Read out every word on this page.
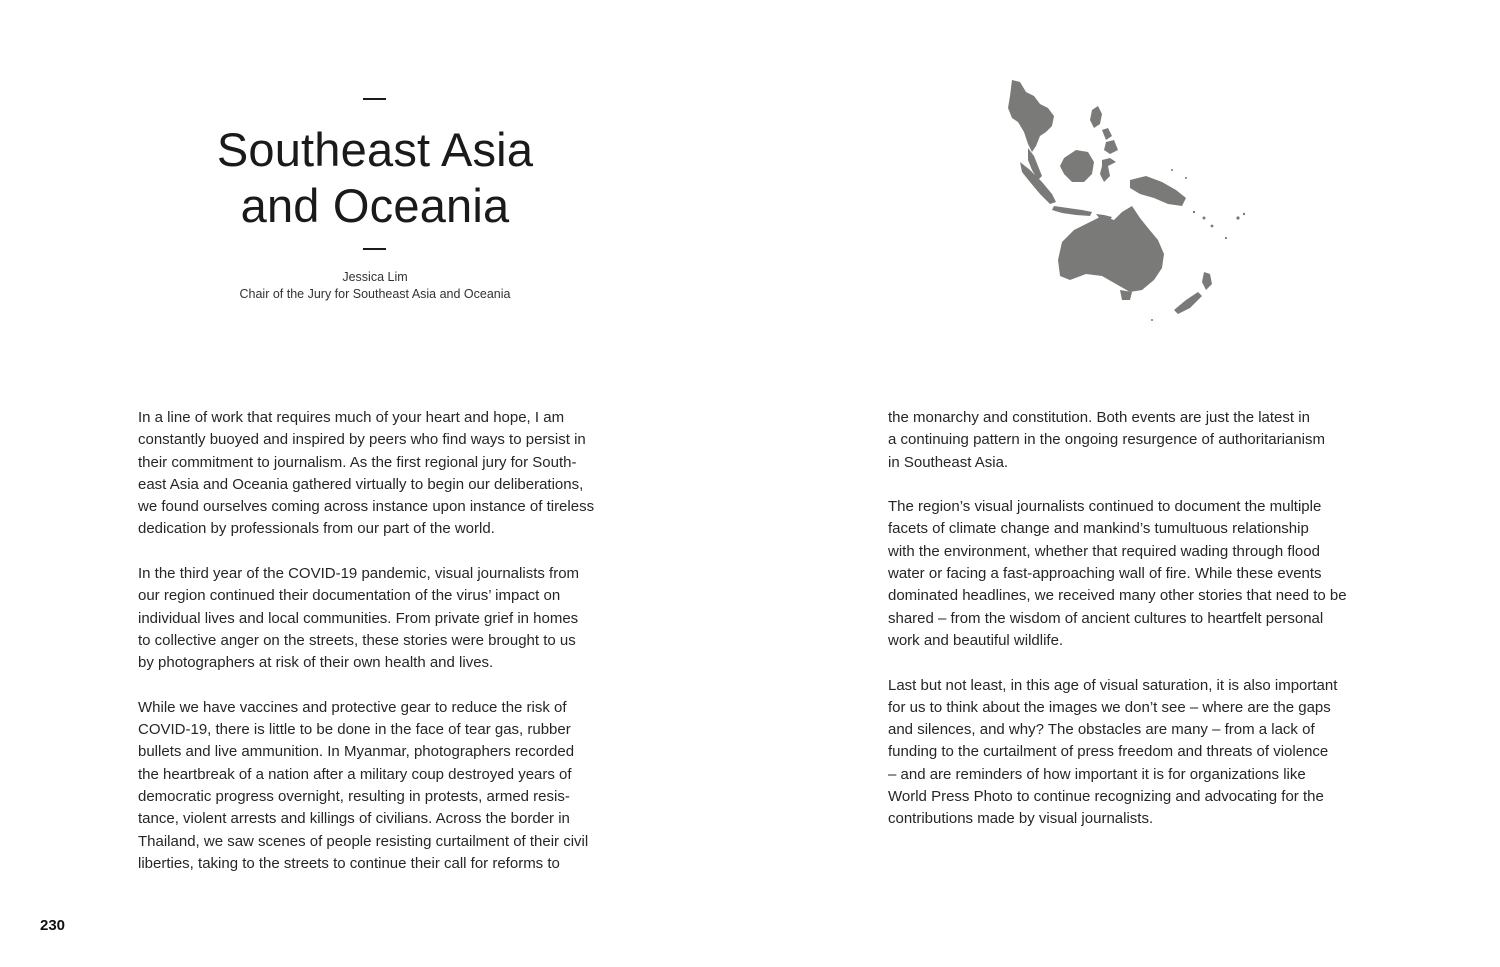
Southeast Asia
and Oceania
Jessica Lim
Chair of the Jury for Southeast Asia and Oceania

In a line of work that requires much of your heart and hope, I am
constantly buoyed and inspired by peers who find ways to persist in
their commitment to journalism. As the first regional jury for South-
east Asia and Oceania gathered virtually to begin our deliberations,
we found ourselves coming across instance upon instance of tireless
dedication by professionals from our part of the world.

In the third year of the COVID-19 pandemic, visual journalists from
our region continued their documentation of the virus’ impact on
individual lives and local communities. From private grief in homes
to collective anger on the streets, these stories were brought to us
by photographers at risk of their own health and lives.

While we have vaccines and protective gear to reduce the risk of
COVID-19, there is little to be done in the face of tear gas, rubber
bullets and live ammunition. In Myanmar, photographers recorded
the heartbreak of a nation after a military coup destroyed years of
democratic progress overnight, resulting in protests, armed resis-
tance, violent arrests and killings of civilians. Across the border in
Thailand, we saw scenes of people resisting curtailment of their civil
liberties, taking to the streets to continue their call for reforms to

the monarchy and constitution. Both events are just the latest in
a continuing pattern in the ongoing resurgence of authoritarianism
in Southeast Asia.

The region’s visual journalists continued to document the multiple
facets of climate change and mankind’s tumultuous relationship
with the environment, whether that required wading through flood
water or facing a fast-approaching wall of fire. While these events
dominated headlines, we received many other stories that need to be
shared – from the wisdom of ancient cultures to heartfelt personal
work and beautiful wildlife.

Last but not least, in this age of visual saturation, it is also important
for us to think about the images we don’t see – where are the gaps
and silences, and why? The obstacles are many – from a lack of
funding to the curtailment of press freedom and threats of violence
– and are reminders of how important it is for organizations like
World Press Photo to continue recognizing and advocating for the
contributions made by visual journalists.

230
